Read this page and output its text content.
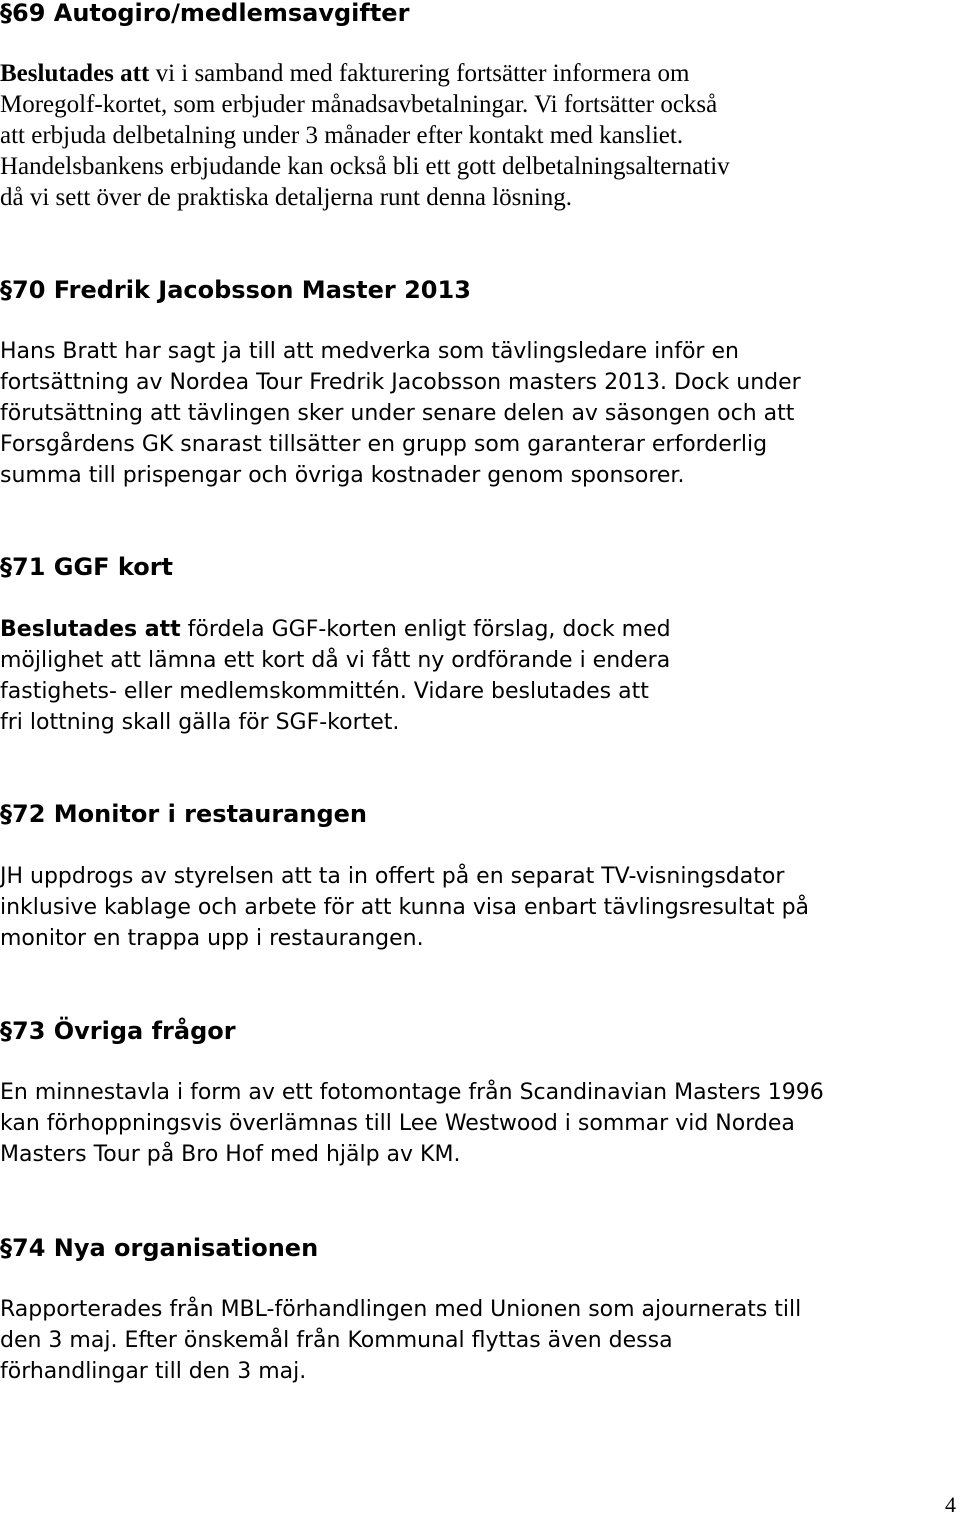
§69 Autogiro/medlemsavgifter
Beslutades att vi i samband med fakturering fortsätter informera om
Moregolf-kortet, som erbjuder månadsavbetalningar. Vi fortsätter också
att erbjuda delbetalning under 3 månader efter kontakt med kansliet.
Handelsbankens erbjudande kan också bli ett gott delbetalningsalternativ
då vi sett över de praktiska detaljerna runt denna lösning.
§70 Fredrik Jacobsson Master 2013
Hans Bratt har sagt ja till att medverka som tävlingsledare inför en
fortsättning av Nordea Tour Fredrik Jacobsson masters 2013. Dock under
förutsättning att tävlingen sker under senare delen av säsongen och att
Forsgårdens GK snarast tillsätter en grupp som garanterar erforderlig
summa till prispengar och övriga kostnader genom sponsorer.
§71 GGF kort
Beslutades att fördela GGF-korten enligt förslag, dock med
möjlighet att lämna ett kort då vi fått ny ordförande i endera
fastighets- eller medlemskommittén. Vidare beslutades att
fri lottning skall gälla för SGF-kortet.
§72 Monitor i restaurangen
JH uppdrogs av styrelsen att ta in offert på en separat TV-visningsdator
inklusive kablage och arbete för att kunna visa enbart tävlingsresultat på
monitor en trappa upp i restaurangen.
§73 Övriga frågor
En minnestavla i form av ett fotomontage från Scandinavian Masters 1996
kan förhoppningsvis överlämnas till Lee Westwood i sommar vid Nordea
Masters Tour på Bro Hof med hjälp av KM.
§74 Nya organisationen
Rapporterades från MBL-förhandlingen med Unionen som ajournerats till
den 3 maj. Efter önskemål från Kommunal flyttas även dessa
förhandlingar till den 3 maj.
4
